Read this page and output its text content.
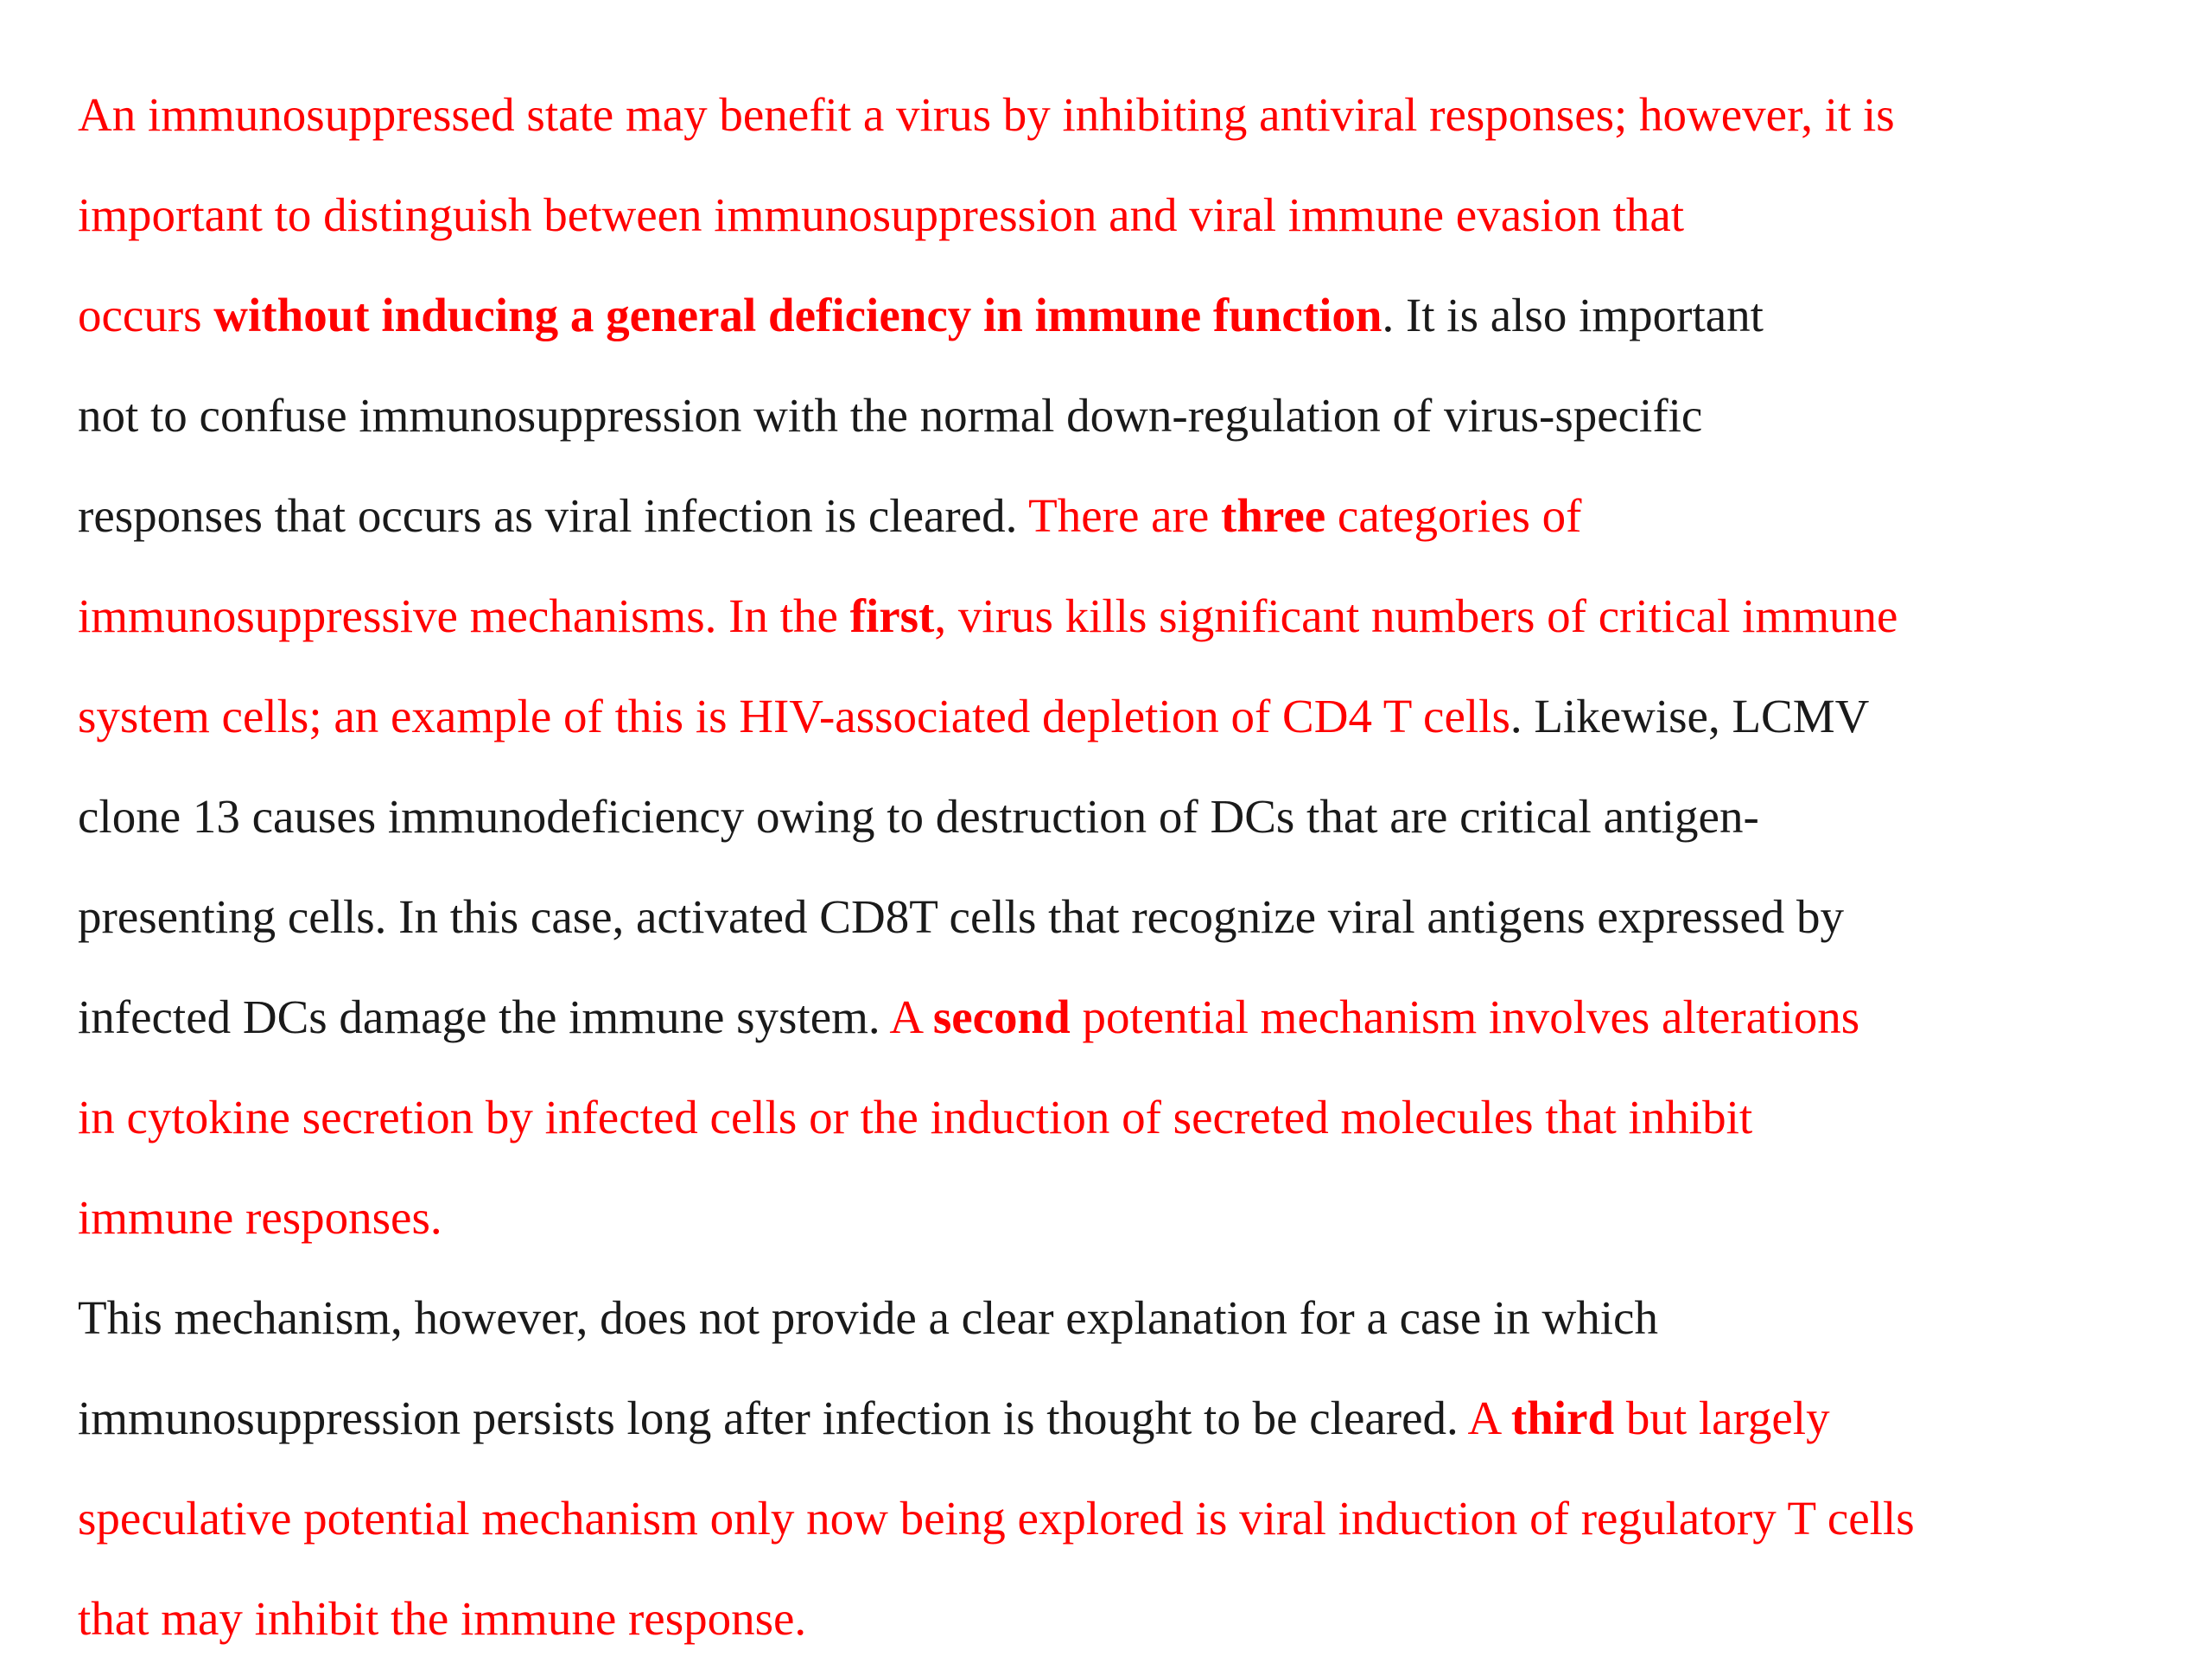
An immunosuppressed state may benefit a virus by inhibiting antiviral responses; however, it is
important to distinguish between immunosuppression and viral immune evasion that
occurs without inducing a general deficiency in immune function. It is also important
not to confuse immunosuppression with the normal down-regulation of virus-specific
responses that occurs as viral infection is cleared. There are three categories of
immunosuppressive mechanisms. In the first, virus kills significant numbers of critical immune
system cells; an example of this is HIV-associated depletion of CD4 T cells. Likewise, LCMV
clone 13 causes immunodeficiency owing to destruction of DCs that are critical antigen-
presenting cells. In this case, activated CD8T cells that recognize viral antigens expressed by
infected DCs damage the immune system. A second potential mechanism involves alterations
in cytokine secretion by infected cells or the induction of secreted molecules that inhibit
immune responses.

This mechanism, however, does not provide a clear explanation for a case in which
immunosuppression persists long after infection is thought to be cleared. A third but largely
speculative potential mechanism only now being explored is viral induction of regulatory T cells
that may inhibit the immune response.
